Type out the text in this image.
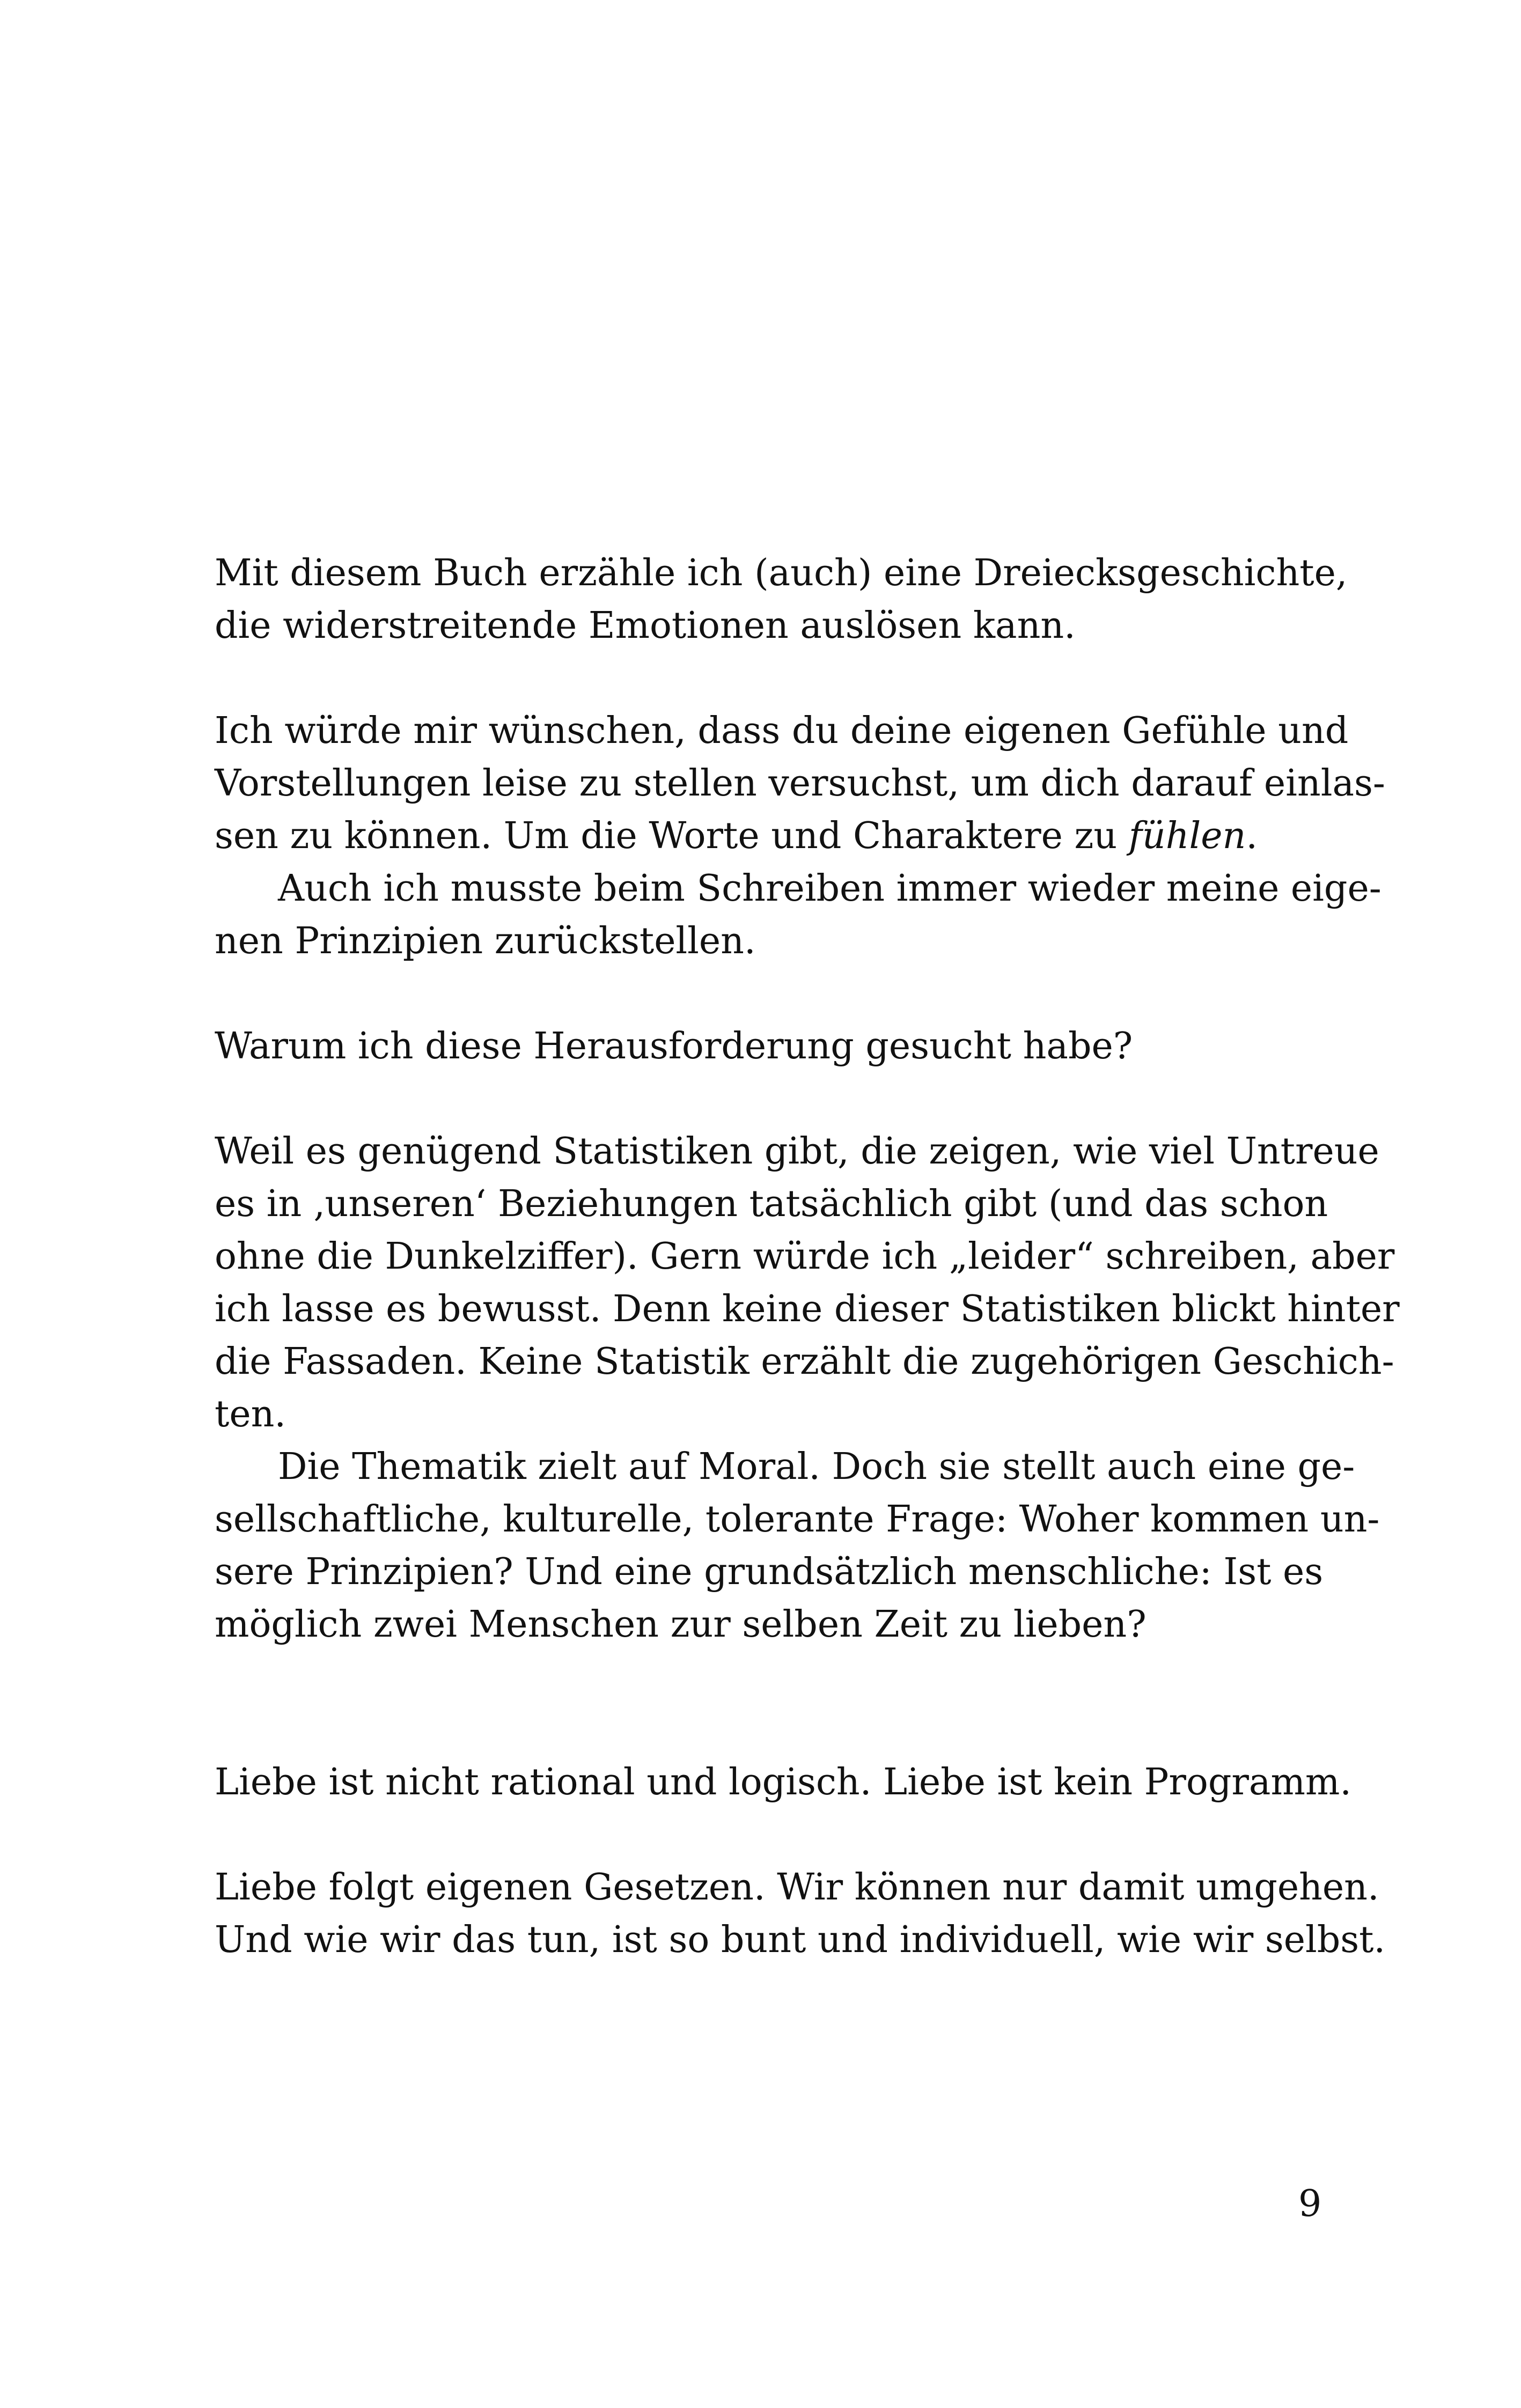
Mit diesem Buch erzähle ich (auch) eine Dreiecksgeschichte,
die widerstreitende Emotionen auslösen kann.
Ich würde mir wünschen, dass du deine eigenen Gefühle und
Vorstellungen leise zu stellen versuchst, um dich darauf einlas-
sen zu können. Um die Worte und Charaktere zu fühlen.
Auch ich musste beim Schreiben immer wieder meine eige-
nen Prinzipien zurückstellen.
Warum ich diese Herausforderung gesucht habe?
Weil es genügend Statistiken gibt, die zeigen, wie viel Untreue
es in ‚unseren‘ Beziehungen tatsächlich gibt (und das schon
ohne die Dunkelziffer). Gern würde ich „leider“ schreiben, aber
ich lasse es bewusst. Denn keine dieser Statistiken blickt hinter
die Fassaden. Keine Statistik erzählt die zugehörigen Geschich-
ten.
Die Thematik zielt auf Moral. Doch sie stellt auch eine ge-
sellschaftliche, kulturelle, tolerante Frage: Woher kommen un-
sere Prinzipien? Und eine grundsätzlich menschliche: Ist es
möglich zwei Menschen zur selben Zeit zu lieben?
Liebe ist nicht rational und logisch. Liebe ist kein Programm.
Liebe folgt eigenen Gesetzen. Wir können nur damit umgehen.
Und wie wir das tun, ist so bunt und individuell, wie wir selbst.
9
